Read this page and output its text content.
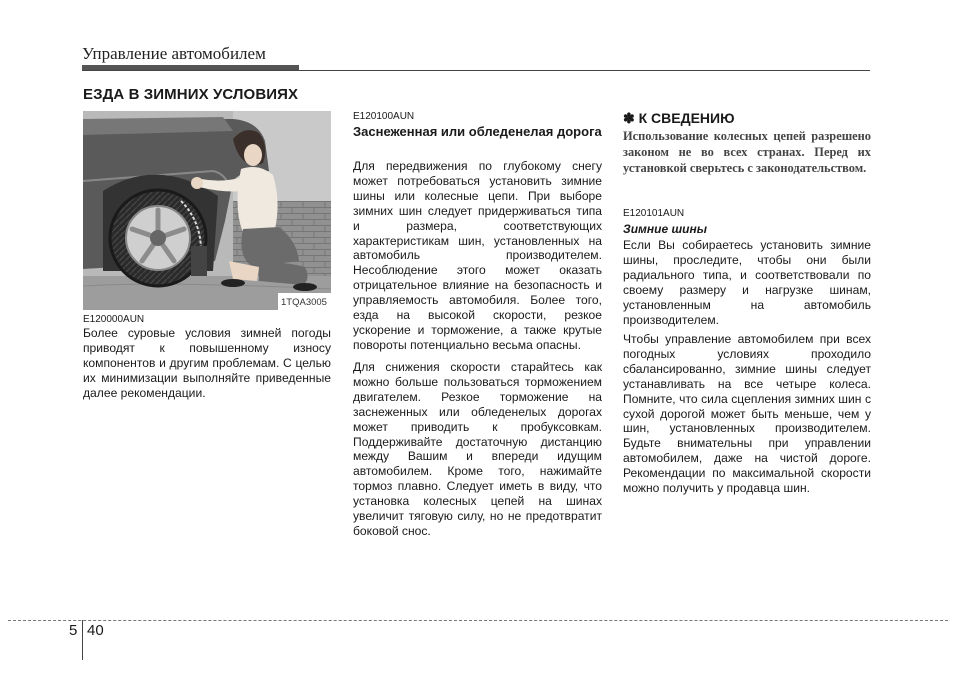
Управление автомобилем
ЕЗДА В ЗИМНИХ УСЛОВИЯХ
1TQA3005
E120000AUN

Более суровые условия зимней погоды приводят к повышенному износу компонентов и другим проблемам. С целью их минимизации выполняйте приведенные далее рекомендации.

E120100AUN

Заснеженная или обледенелая дорога

Для передвижения по глубокому снегу может потребоваться установить зимние шины или колесные цепи. При выборе зимних шин следует придерживаться типа и размера, соответствующих характеристикам шин, установленных на автомобиль производителем. Несоблюдение этого может оказать отрицательное влияние на безопасность и управляемость автомобиля. Более того, езда на высокой скорости, резкое ускорение и торможение, а также крутые повороты потенциально весьма опасны.

Для снижения скорости старайтесь как можно больше пользоваться торможением двигателем. Резкое торможение на заснеженных или обледенелых дорогах может приводить к пробуксовкам. Поддерживайте достаточную дистанцию между Вашим и впереди идущим автомобилем. Кроме того, нажимайте тормоз плавно. Следует иметь в виду, что установка колесных цепей на шинах увеличит тяговую силу, но не предотвратит боковой снос.

✽ К СВЕДЕНИЮ

Использование колесных цепей разрешено законом не во всех странах. Перед их установкой сверьтесь с законодательством.

E120101AUN
Зимние шины

Если Вы собираетесь установить зимние шины, проследите, чтобы они были радиального типа, и соответствовали по своему размеру и нагрузке шинам, установленным на автомобиль производителем.

Чтобы управление автомобилем при всех погодных условиях проходило сбалансированно, зимние шины следует устанавливать на все четыре колеса. Помните, что сила сцепления зимних шин с сухой дорогой может быть меньше, чем у шин, установленных производителем. Будьте внимательны при управлении автомобилем, даже на чистой дороге. Рекомендации по максимальной скорости можно получить у продавца шин.

5 40
